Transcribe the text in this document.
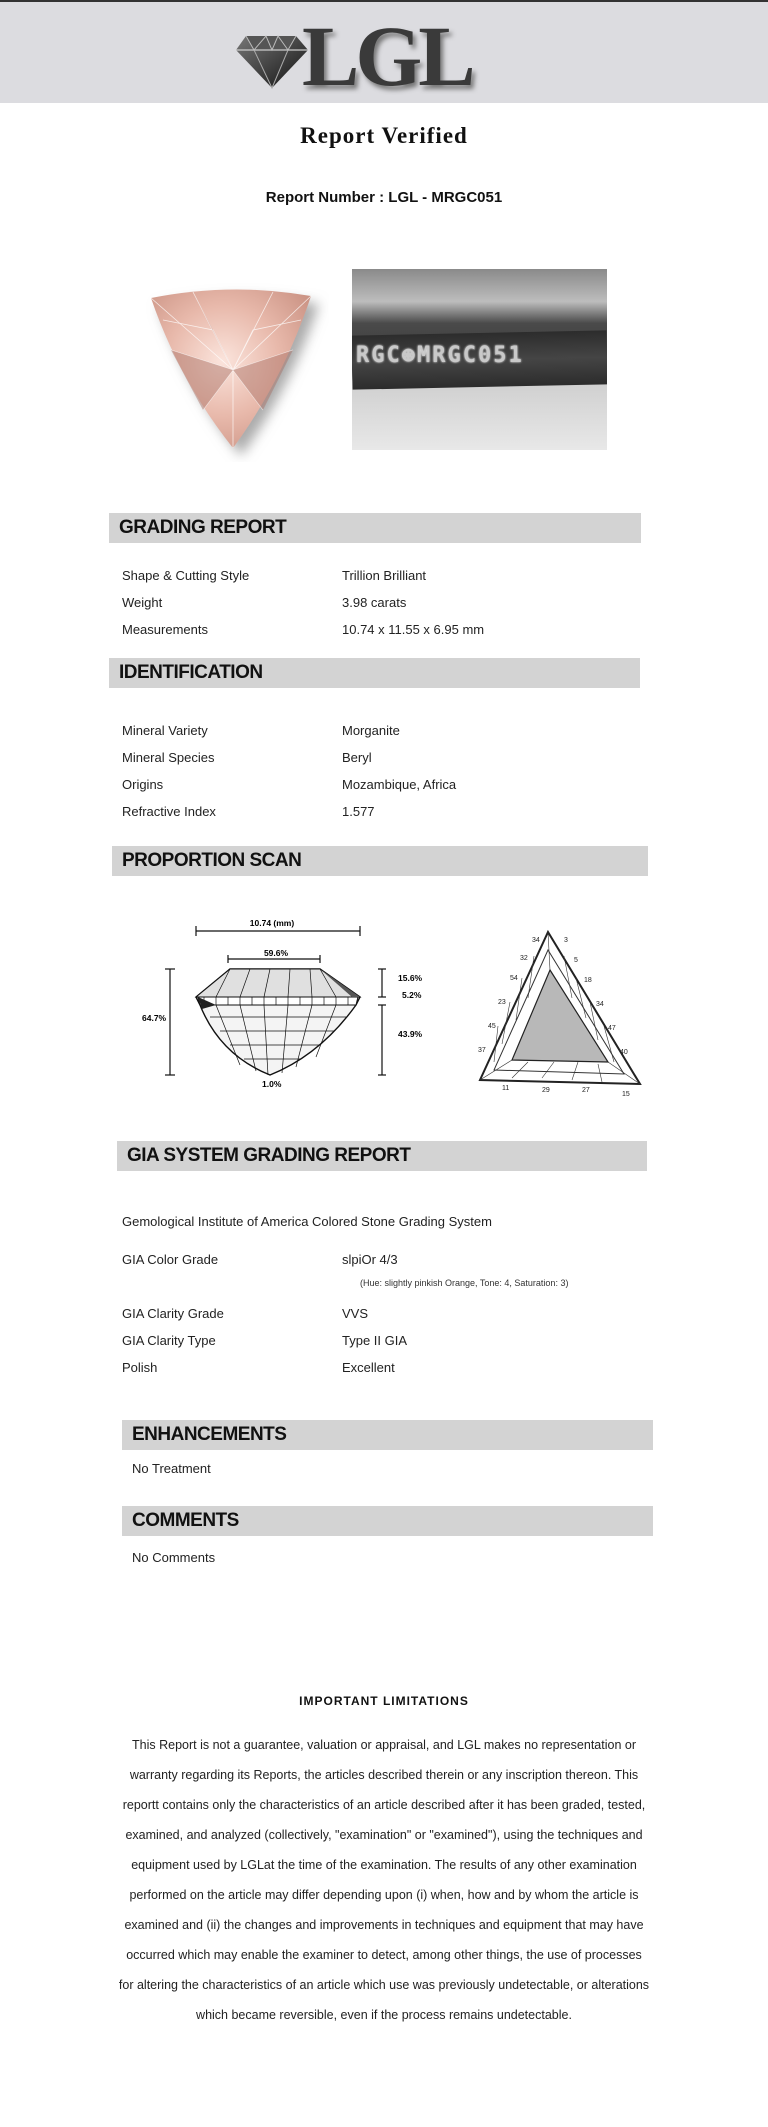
LGL
Report Verified
Report Number : LGL - MRGC051
RGC⊛MRGC051
GRADING REPORT
Shape & Cutting Style	Trillion Brilliant
Weight	3.98 carats
Measurements	10.74 x 11.55 x 6.95 mm
IDENTIFICATION
Mineral Variety	Morganite
Mineral Species	Beryl
Origins	Mozambique, Africa
Refractive Index	1.577
PROPORTION SCAN
10.74 (mm)
59.6%
64.7%
15.6%
5.2%
43.9%
1.0%
34	3
32	5
54	18
23	34
45	47
37	40
11	29	27
15
GIA SYSTEM GRADING REPORT
Gemological Institute of America Colored Stone Grading System
GIA Color Grade	slpiOr 4/3
(Hue: slightly pinkish Orange, Tone: 4, Saturation: 3)
GIA Clarity Grade	VVS
GIA Clarity Type	Type II GIA
Polish	Excellent
ENHANCEMENTS
No Treatment
COMMENTS
No Comments
IMPORTANT LIMITATIONS
This Report is not a guarantee, valuation or appraisal, and LGL makes no representation or warranty regarding its Reports, the articles described therein or any inscription thereon. This reportt contains only the characteristics of an article described after it has been graded, tested, examined, and analyzed (collectively, "examination" or "examined"), using the techniques and equipment used by LGLat the time of the examination. The results of any other examination performed on the article may differ depending upon (i) when, how and by whom the article is examined and (ii) the changes and improvements in techniques and equipment that may have occurred which may enable the examiner to detect, among other things, the use of processes for altering the characteristics of an article which use was previously undetectable, or alterations which became reversible, even if the process remains undetectable.
